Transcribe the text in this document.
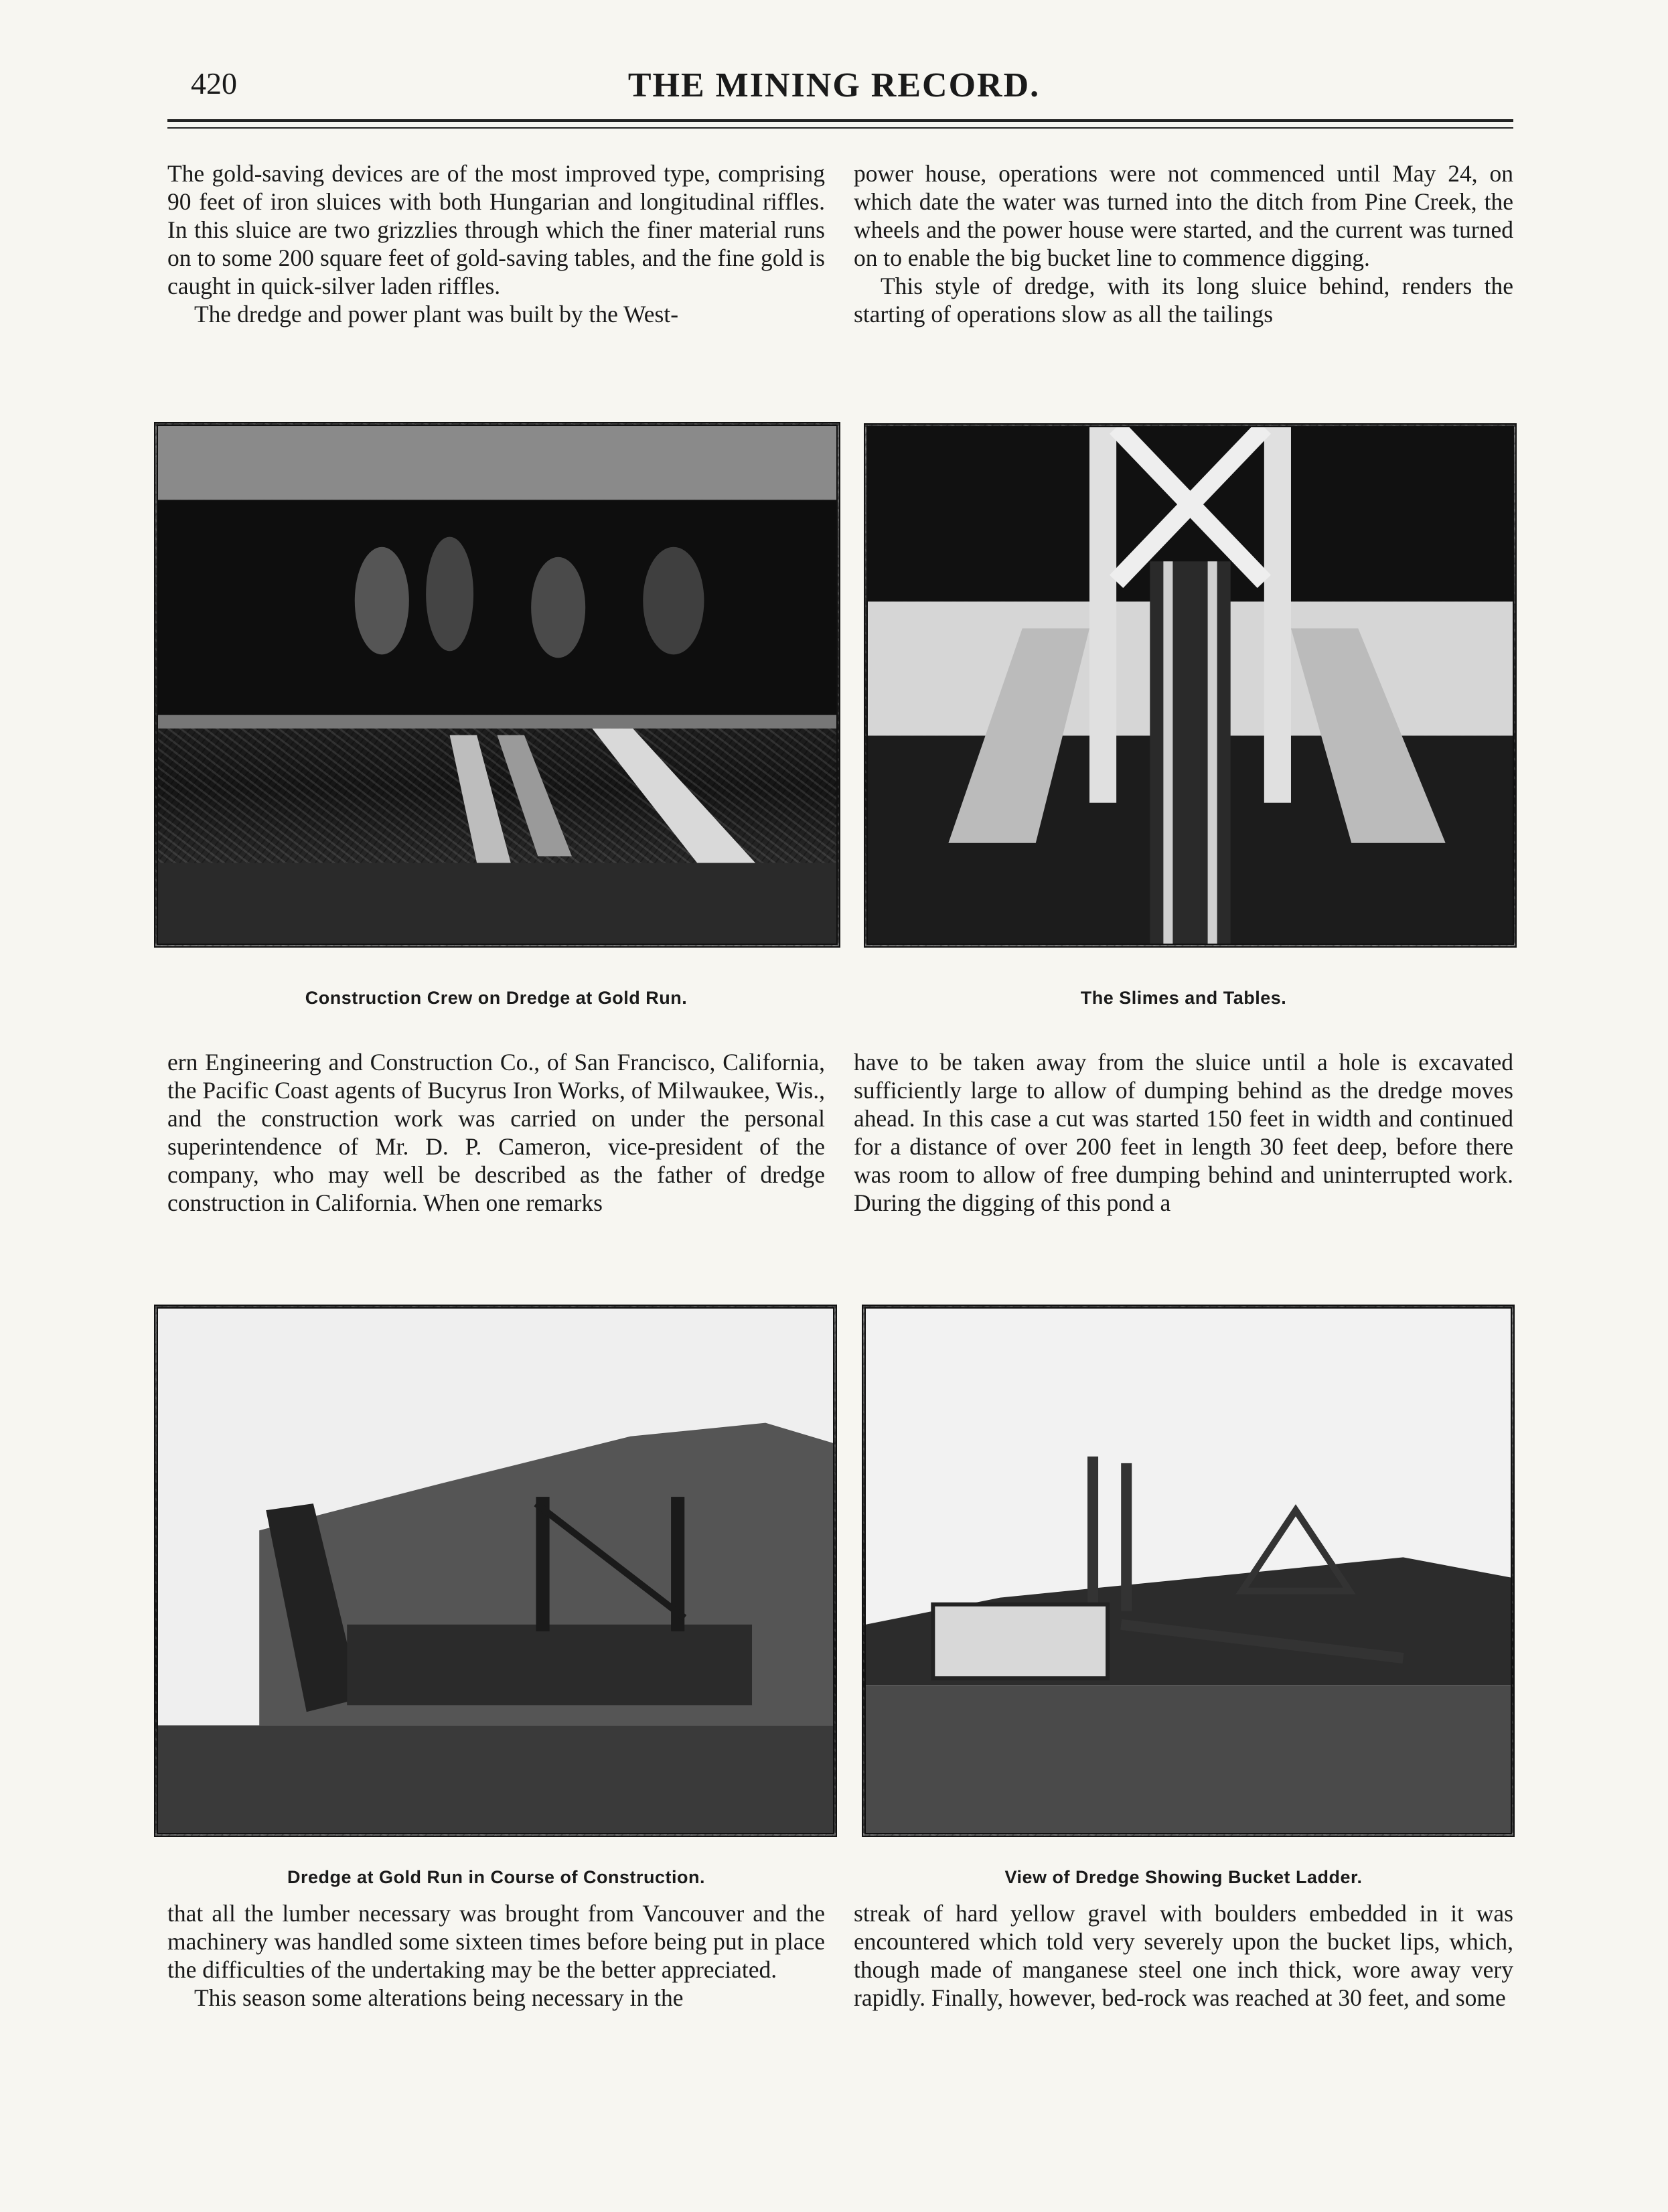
420	THE MINING RECORD.

The gold-saving devices are of the most improved type, comprising 90 feet of iron sluices with both Hungarian and longitudinal riffles. In this sluice are two grizzlies through which the finer material runs on to some 200 square feet of gold-saving tables, and the fine gold is caught in quick-silver laden riffles.

The dredge and power plant was built by the West-

power house, operations were not commenced until May 24, on which date the water was turned into the ditch from Pine Creek, the wheels and the power house were started, and the current was turned on to enable the big bucket line to commence digging.

This style of dredge, with its long sluice behind, renders the starting of operations slow as all the tailings

Construction Crew on Dredge at Gold Run.	The Slimes and Tables.

ern Engineering and Construction Co., of San Francisco, California, the Pacific Coast agents of Bucyrus Iron Works, of Milwaukee, Wis., and the construction work was carried on under the personal superintendence of Mr. D. P. Cameron, vice-president of the company, who may well be described as the father of dredge construction in California. When one remarks

have to be taken away from the sluice until a hole is excavated sufficiently large to allow of dumping behind as the dredge moves ahead. In this case a cut was started 150 feet in width and continued for a distance of over 200 feet in length 30 feet deep, before there was room to allow of free dumping behind and uninterrupted work. During the digging of this pond a

Dredge at Gold Run in Course of Construction.	View of Dredge Showing Bucket Ladder.

that all the lumber necessary was brought from Vancouver and the machinery was handled some sixteen times before being put in place the difficulties of the undertaking may be the better appreciated.

This season some alterations being necessary in the

streak of hard yellow gravel with boulders embedded in it was encountered which told very severely upon the bucket lips, which, though made of manganese steel one inch thick, wore away very rapidly. Finally, however, bed-rock was reached at 30 feet, and some
